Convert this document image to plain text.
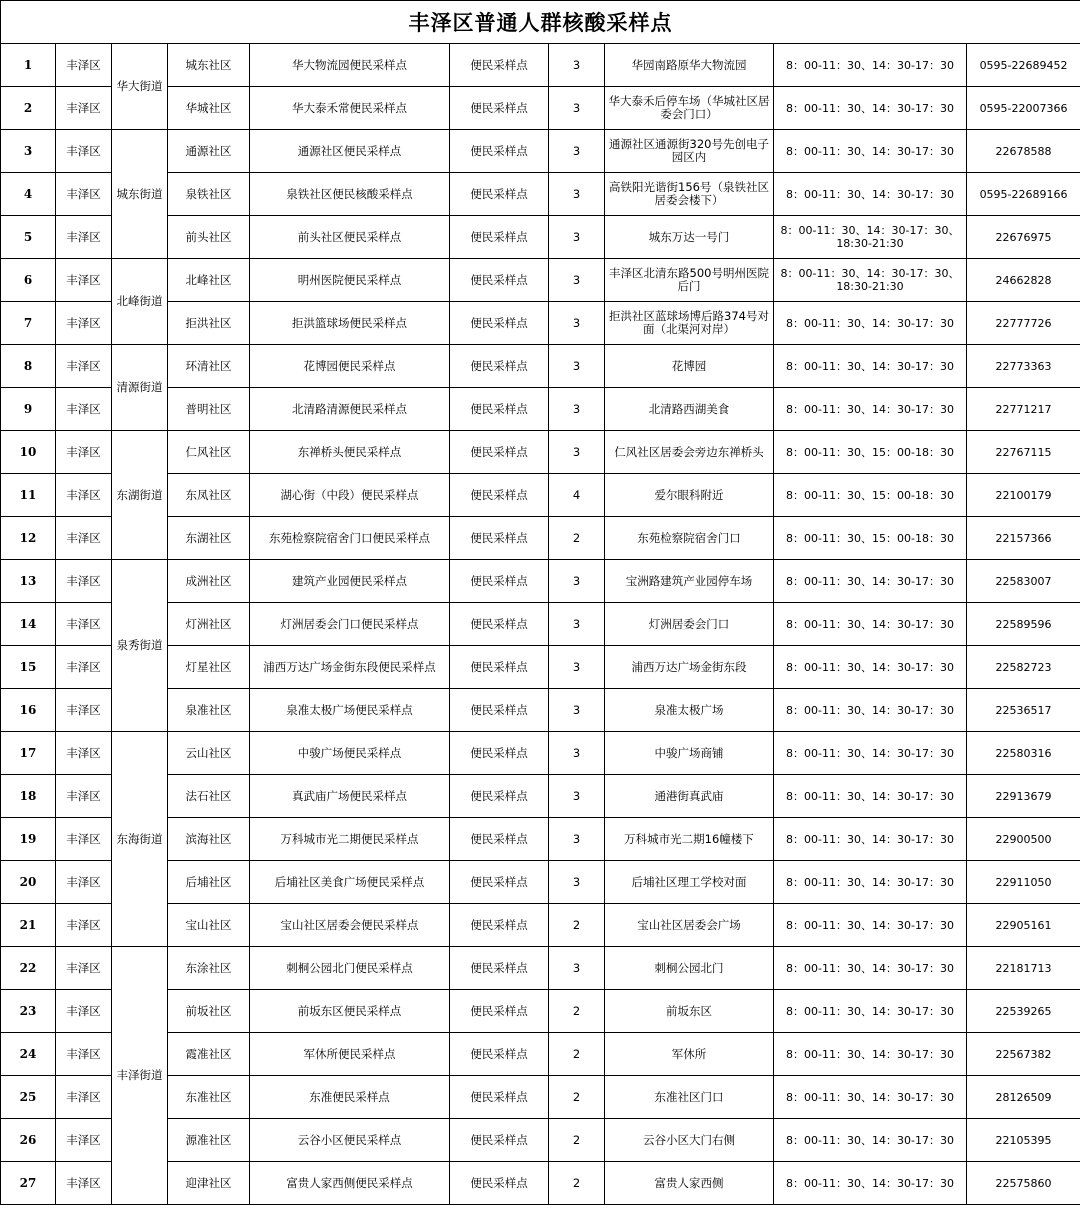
丰泽区普通人群核酸采样点									
1	丰泽区	华大街道	城东社区	华大物流园便民采样点	便民采样点	3	华园南路原华大物流园	8：00-11：30、14：30-17：30	0595-22689452
2	丰泽区		华城社区	华大泰禾常便民采样点	便民采样点	3	华大泰禾后停车场（华城社区居委会门口）	8：00-11：30、14：30-17：30	0595-22007366
3	丰泽区	城东街道	通源社区	通源社区便民采样点	便民采样点	3	通源社区通源街320号先创电子园区内	8：00-11：30、14：30-17：30	22678588
4	丰泽区		泉铁社区	泉铁社区便民核酸采样点	便民采样点	3	高铁阳光谐街156号（泉铁社区居委会楼下）	8：00-11：30、14：30-17：30	0595-22689166
5	丰泽区		前头社区	前头社区便民采样点	便民采样点	3	城东万达一号门	8：00-11：30、14：30-17：30、18:30-21:30	22676975
6	丰泽区	北峰街道	北峰社区	明州医院便民采样点	便民采样点	3	丰泽区北清东路500号明州医院后门	8：00-11：30、14：30-17：30、18:30-21:30	24662828
7	丰泽区		拒洪社区	拒洪篮球场便民采样点	便民采样点	3	拒洪社区蓝球场博后路374号对面（北渠河对岸）	8：00-11：30、14：30-17：30	22777726
8	丰泽区	清源街道	环清社区	花博园便民采样点	便民采样点	3	花博园	8：00-11：30、14：30-17：30	22773363
9	丰泽区		普明社区	北清路清源便民采样点	便民采样点	3	北清路西湖美食	8：00-11：30、14：30-17：30	22771217
10	丰泽区	东湖街道	仁风社区	东禅桥头便民采样点	便民采样点	3	仁风社区居委会旁边东禅桥头	8：00-11：30、15：00-18：30	22767115
11	丰泽区		东凤社区	湖心街（中段）便民采样点	便民采样点	4	爱尔眼科附近	8：00-11：30、15：00-18：30	22100179
12	丰泽区		东湖社区	东苑检察院宿舍门口便民采样点	便民采样点	2	东苑检察院宿舍门口	8：00-11：30、15：00-18：30	22157366
13	丰泽区	泉秀街道	成洲社区	建筑产业园便民采样点	便民采样点	3	宝洲路建筑产业园停车场	8：00-11：30、14：30-17：30	22583007
14	丰泽区		灯洲社区	灯洲居委会门口便民采样点	便民采样点	3	灯洲居委会门口	8：00-11：30、14：30-17：30	22589596
15	丰泽区		灯星社区	浦西万达广场金街东段便民采样点	便民采样点	3	浦西万达广场金街东段	8：00-11：30、14：30-17：30	22582723
16	丰泽区		泉准社区	泉准太极广场便民采样点	便民采样点	3	泉准太极广场	8：00-11：30、14：30-17：30	22536517
17	丰泽区	东海街道	云山社区	中骏广场便民采样点	便民采样点	3	中骏广场商铺	8：00-11：30、14：30-17：30	22580316
18	丰泽区		法石社区	真武庙广场便民采样点	便民采样点	3	通港街真武庙	8：00-11：30、14：30-17：30	22913679
19	丰泽区		滨海社区	万科城市光二期便民采样点	便民采样点	3	万科城市光二期16幢楼下	8：00-11：30、14：30-17：30	22900500
20	丰泽区		后埔社区	后埔社区美食广场便民采样点	便民采样点	3	后埔社区理工学校对面	8：00-11：30、14：30-17：30	22911050
21	丰泽区		宝山社区	宝山社区居委会便民采样点	便民采样点	2	宝山社区居委会广场	8：00-11：30、14：30-17：30	22905161
22	丰泽区	丰泽街道	东涂社区	刺桐公园北门便民采样点	便民采样点	3	刺桐公园北门	8：00-11：30、14：30-17：30	22181713
23	丰泽区		前坂社区	前坂东区便民采样点	便民采样点	2	前坂东区	8：00-11：30、14：30-17：30	22539265
24	丰泽区		霞准社区	军休所便民采样点	便民采样点	2	军休所	8：00-11：30、14：30-17：30	22567382
25	丰泽区		东准社区	东准便民采样点	便民采样点	2	东准社区门口	8：00-11：30、14：30-17：30	28126509
26	丰泽区		源准社区	云谷小区便民采样点	便民采样点	2	云谷小区大门右侧	8：00-11：30、14：30-17：30	22105395
27	丰泽区		迎津社区	富贵人家西侧便民采样点	便民采样点	2	富贵人家西侧	8：00-11：30、14：30-17：30	22575860
